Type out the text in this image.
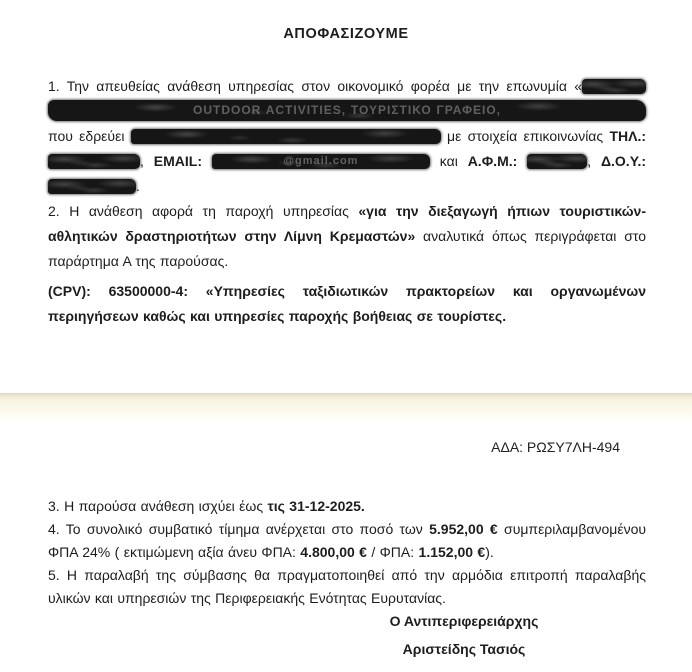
ΑΠΟΦΑΣΙΖΟΥΜΕ

1. Την απευθείας ανάθεση υπηρεσίας στον οικονομικό φορέα με την επωνυμία «
OUTDOOR ACTIVITIES, ΤΟΥΡΙΣΤΙΚΟ ΓΡΑΦΕΙΟ,
που εδρεύει	με στοιχεία επικοινωνίας ΤΗΛ.: , EMAIL:	@gmail.com	και Α.Φ.Μ.:	, Δ.Ο.Υ.: .

2. Η ανάθεση αφορά τη παροχή υπηρεσίας «για την διεξαγωγή ήπιων τουριστικών-αθλητικών δραστηριοτήτων στην Λίμνη Κρεμαστών» αναλυτικά όπως περιγράφεται στο παράρτημα Α της παρούσας.

(CPV): 63500000-4: «Υπηρεσίες ταξιδιωτικών πρακτορείων και οργανωμένων περιηγήσεων καθώς και υπηρεσίες παροχής βοήθειας σε τουρίστες.

ΑΔΑ: ΡΩΣΥ7ΛΗ-494

3. Η παρούσα ανάθεση ισχύει έως τις 31-12-2025.

4. Το συνολικό συμβατικό τίμημα ανέρχεται στο ποσό των 5.952,00 € συμπεριλαμβανομένου ΦΠΑ 24% ( εκτιμώμενη αξία άνευ ΦΠΑ: 4.800,00 € / ΦΠΑ: 1.152,00 €).

5. Η παραλαβή της σύμβασης θα πραγματοποιηθεί από την αρμόδια επιτροπή παραλαβής υλικών και υπηρεσιών της Περιφερειακής Ενότητας Ευρυτανίας.

Ο Αντιπεριφερειάρχης
Αριστείδης Τασιός
